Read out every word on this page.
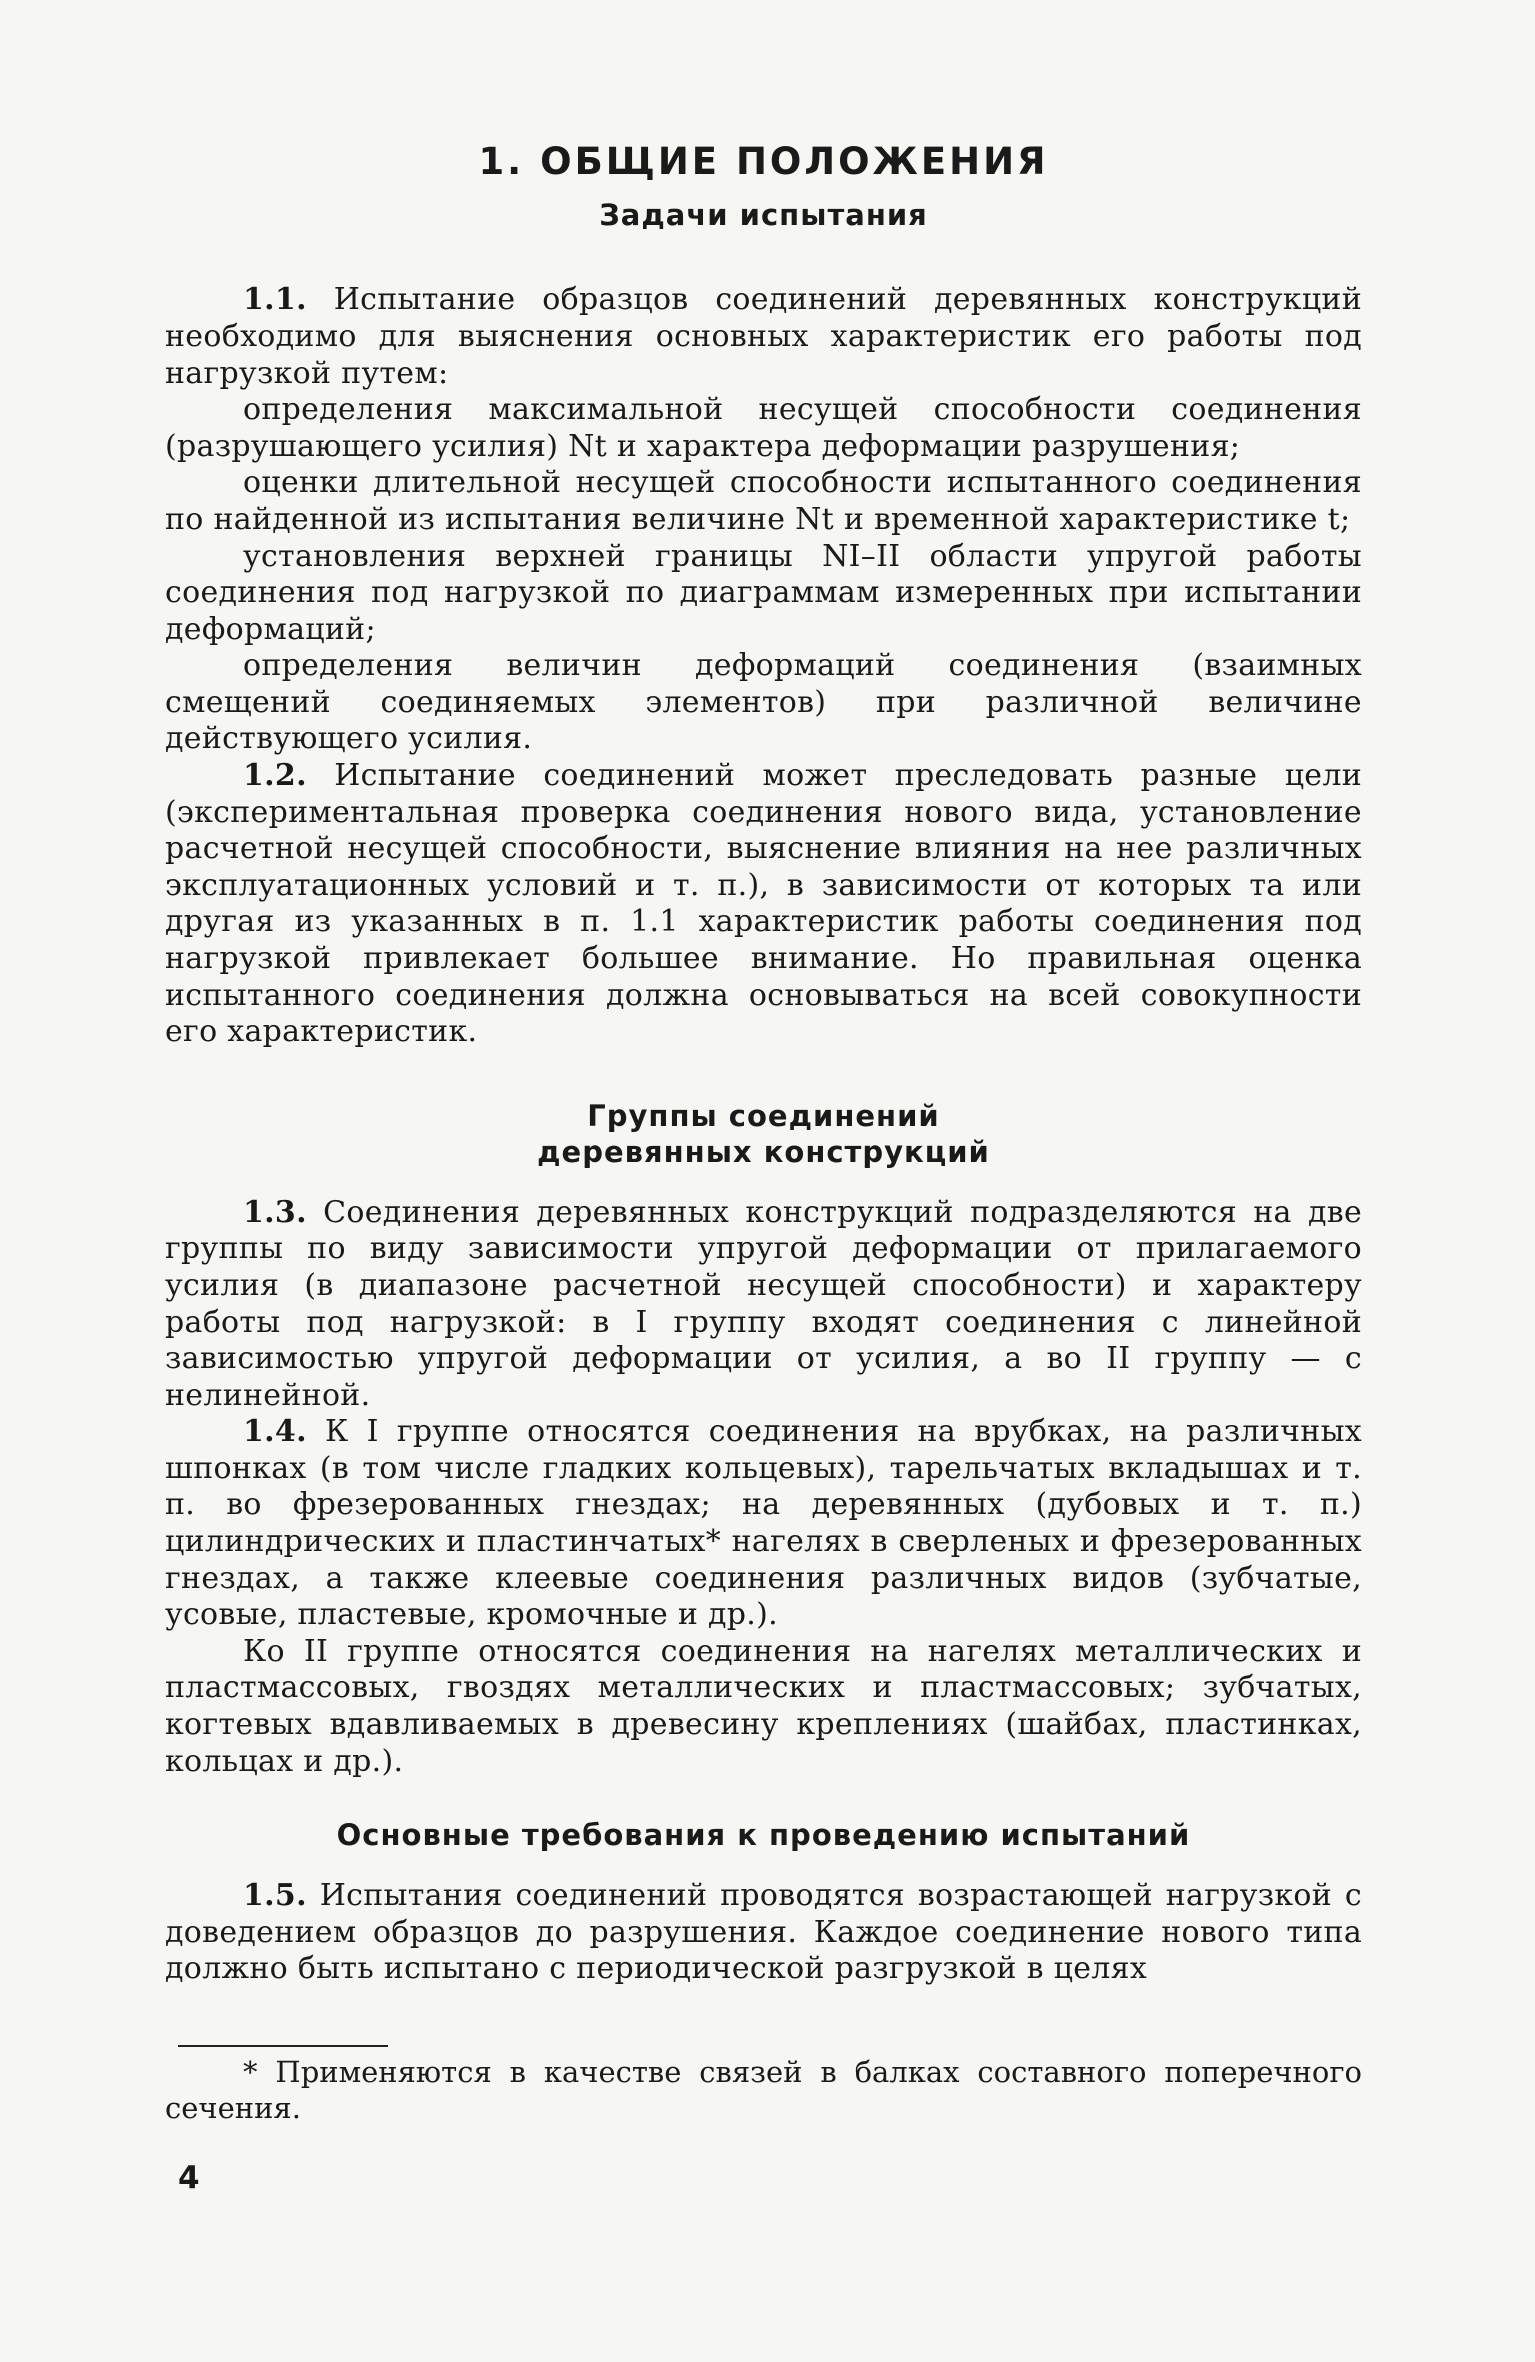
1. ОБЩИЕ ПОЛОЖЕНИЯ
Задачи испытания

1.1. Испытание образцов соединений деревянных конструкций необходимо для выяснения основных характеристик его работы под нагрузкой путем:

определения максимальной несущей способности соединения (разрушающего усилия) Nt и характера деформации разрушения;

оценки длительной несущей способности испытанного соединения по найденной из испытания величине Nt и временной характеристике t;

установления верхней границы NI–II области упругой работы соединения под нагрузкой по диаграммам измеренных при испытании деформаций;

определения величин деформаций соединения (взаимных смещений соединяемых элементов) при различной величине действующего усилия.

1.2. Испытание соединений может преследовать разные цели (экспериментальная проверка соединения нового вида, установление расчетной несущей способности, выяснение влияния на нее различных эксплуатационных условий и т. п.), в зависимости от которых та или другая из указанных в п. 1.1 характеристик работы соединения под нагрузкой привлекает большее внимание. Но правильная оценка испытанного соединения должна основываться на всей совокупности его характеристик.

Группы соединений
деревянных конструкций

1.3. Соединения деревянных конструкций подразделяются на две группы по виду зависимости упругой деформации от прилагаемого усилия (в диапазоне расчетной несущей способности) и характеру работы под нагрузкой: в I группу входят соединения с линейной зависимостью упругой деформации от усилия, а во II группу — с нелинейной.

1.4. К I группе относятся соединения на врубках, на различных шпонках (в том числе гладких кольцевых), тарельчатых вкладышах и т. п. во фрезерованных гнездах; на деревянных (дубовых и т. п.) цилиндрических и пластинчатых* нагелях в сверленых и фрезерованных гнездах, а также клеевые соединения различных видов (зубчатые, усовые, пластевые, кромочные и др.).

Ко II группе относятся соединения на нагелях металлических и пластмассовых, гвоздях металлических и пластмассовых; зубчатых, когтевых вдавливаемых в древесину креплениях (шайбах, пластинках, кольцах и др.).

Основные требования к проведению испытаний

1.5. Испытания соединений проводятся возрастающей нагрузкой с доведением образцов до разрушения. Каждое соединение нового типа должно быть испытано с периодической разгрузкой в целях

* Применяются в качестве связей в балках составного поперечного сечения.

4
